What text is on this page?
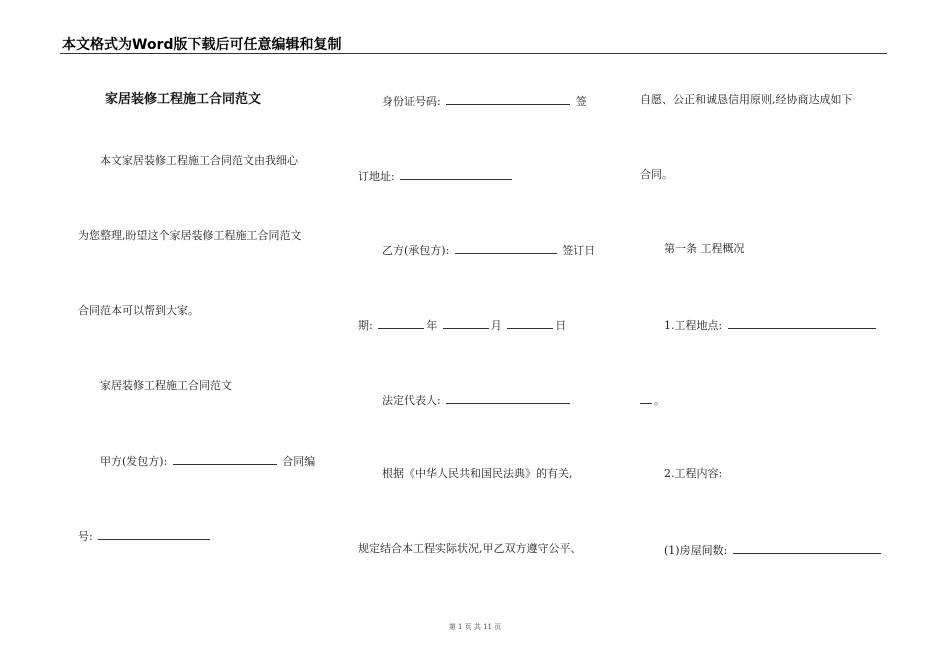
本文格式为Word版下载后可任意编辑和复制
家居装修工程施工合同范文
本文家居装修工程施工合同范文由我细心
为您整理,盼望这个家居装修工程施工合同范文
合同范本可以帮到大家。
家居装修工程施工合同范文
甲方(发包方):	合同编
号:
身份证号码:	签
订地址:
乙方(承包方):	签订日
期:	年	月	日
法定代表人:
根据《中华人民共和国民法典》的有关,
规定结合本工程实际状况,甲乙双方遵守公平、
自愿、公正和诚恳信用原则,经协商达成如下
合同。
第一条 工程概况
1.工程地点:
。
2.工程内容:
(1)房屋间数:
第 1 页 共 11 页
